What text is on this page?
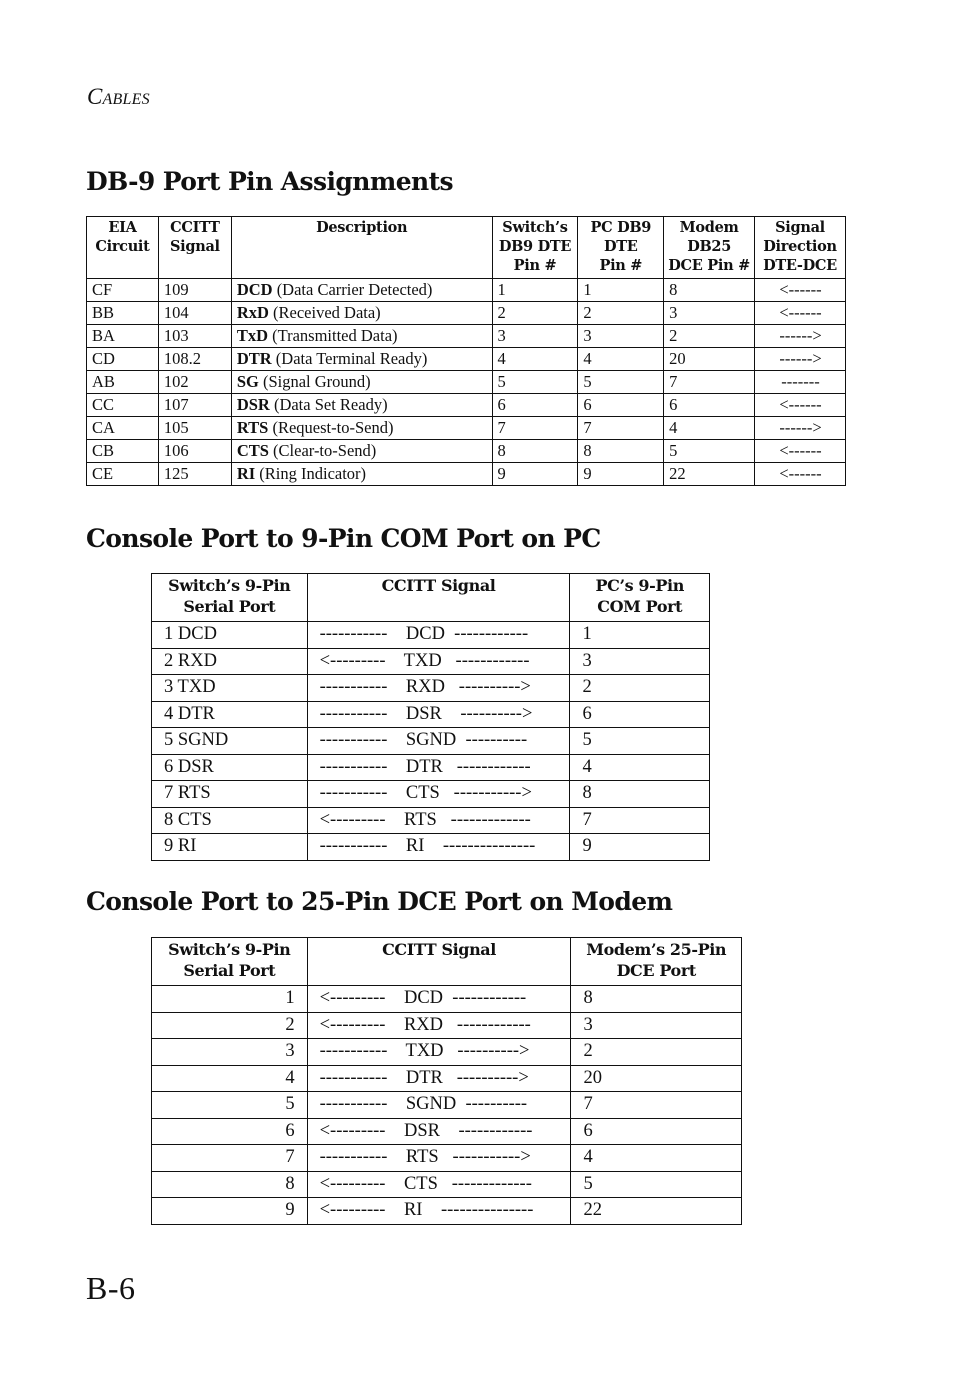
CABLES
DB-9 Port Pin Assignments
EIA
Circuit	CCITT
Signal	Description	Switch’s
DB9 DTE
Pin #	PC DB9
DTE
Pin #	Modem
DB25
DCE Pin #	Signal
Direction
DTE-DCE
CF	109	DCD (Data Carrier Detected)	1	1	8	<------
BB	104	RxD (Received Data)	2	2	3	<------
BA	103	TxD (Transmitted Data)	3	3	2	------>
CD	108.2	DTR (Data Terminal Ready)	4	4	20	------>
AB	102	SG (Signal Ground)	5	5	7	-------
CC	107	DSR (Data Set Ready)	6	6	6	<------
CA	105	RTS (Request-to-Send)	7	7	4	------>
CB	106	CTS (Clear-to-Send)	8	8	5	<------
CE	125	RI (Ring Indicator)	9	9	22	<------
Console Port to 9-Pin COM Port on PC
Switch’s 9-Pin
Serial Port	CCITT Signal	PC’s 9-Pin
COM Port
1 DCD	-----------    DCD  ------------	1
2 RXD	<---------    TXD   ------------	3
3 TXD	-----------    RXD   ---------->	2
4 DTR	-----------    DSR    ---------->	6
5 SGND	-----------    SGND  ----------	5
6 DSR	-----------    DTR   ------------	4
7 RTS	-----------    CTS   ----------->	8
8 CTS	<---------    RTS   -------------	7
9 RI	-----------    RI    ---------------	9
Console Port to 25-Pin DCE Port on Modem
Switch’s 9-Pin
Serial Port	CCITT Signal	Modem’s 25-Pin
DCE Port
1	<---------    DCD  ------------	8
2	<---------    RXD   ------------	3
3	-----------    TXD   ---------->	2
4	-----------    DTR   ---------->	20
5	-----------    SGND  ----------	7
6	<---------    DSR    ------------	6
7	-----------    RTS   ----------->	4
8	<---------    CTS   -------------	5
9	<---------    RI    ---------------	22
B-6
